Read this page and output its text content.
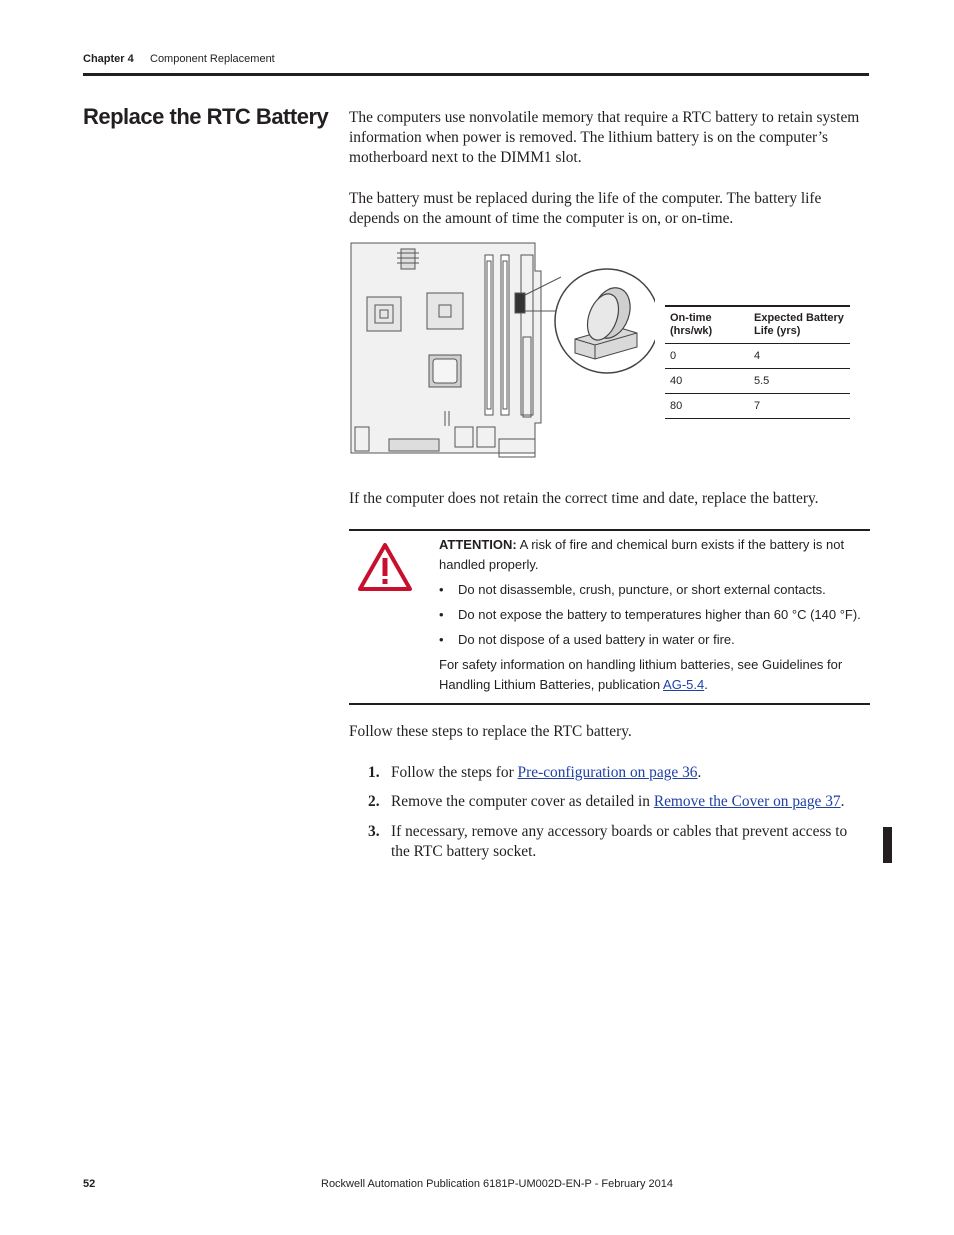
Chapter 4 Component Replacement
Replace the RTC Battery The computers use nonvolatile memory that require a RTC battery to retain system information when power is removed. The lithium battery is on the computer’s motherboard next to the DIMM1 slot.

The battery must be replaced during the life of the computer. The battery life depends on the amount of time the computer is on, or on-time.

On-time (hrs/wk)	Expected Battery Life (yrs)
0	4
40	5.5
80	7

If the computer does not retain the correct time and date, replace the battery.

ATTENTION: A risk of fire and chemical burn exists if the battery is not handled properly.

• Do not disassemble, crush, puncture, or short external contacts.
• Do not expose the battery to temperatures higher than 60 °C (140 °F).
• Do not dispose of a used battery in water or fire.

For safety information on handling lithium batteries, see Guidelines for Handling Lithium Batteries, publication AG-5.4.

Follow these steps to replace the RTC battery.

1. Follow the steps for Pre-configuration on page 36.
2. Remove the computer cover as detailed in Remove the Cover on page 37.
3. If necessary, remove any accessory boards or cables that prevent access to the RTC battery socket.
52	Rockwell Automation Publication 6181P-UM002D-EN-P - February 2014
